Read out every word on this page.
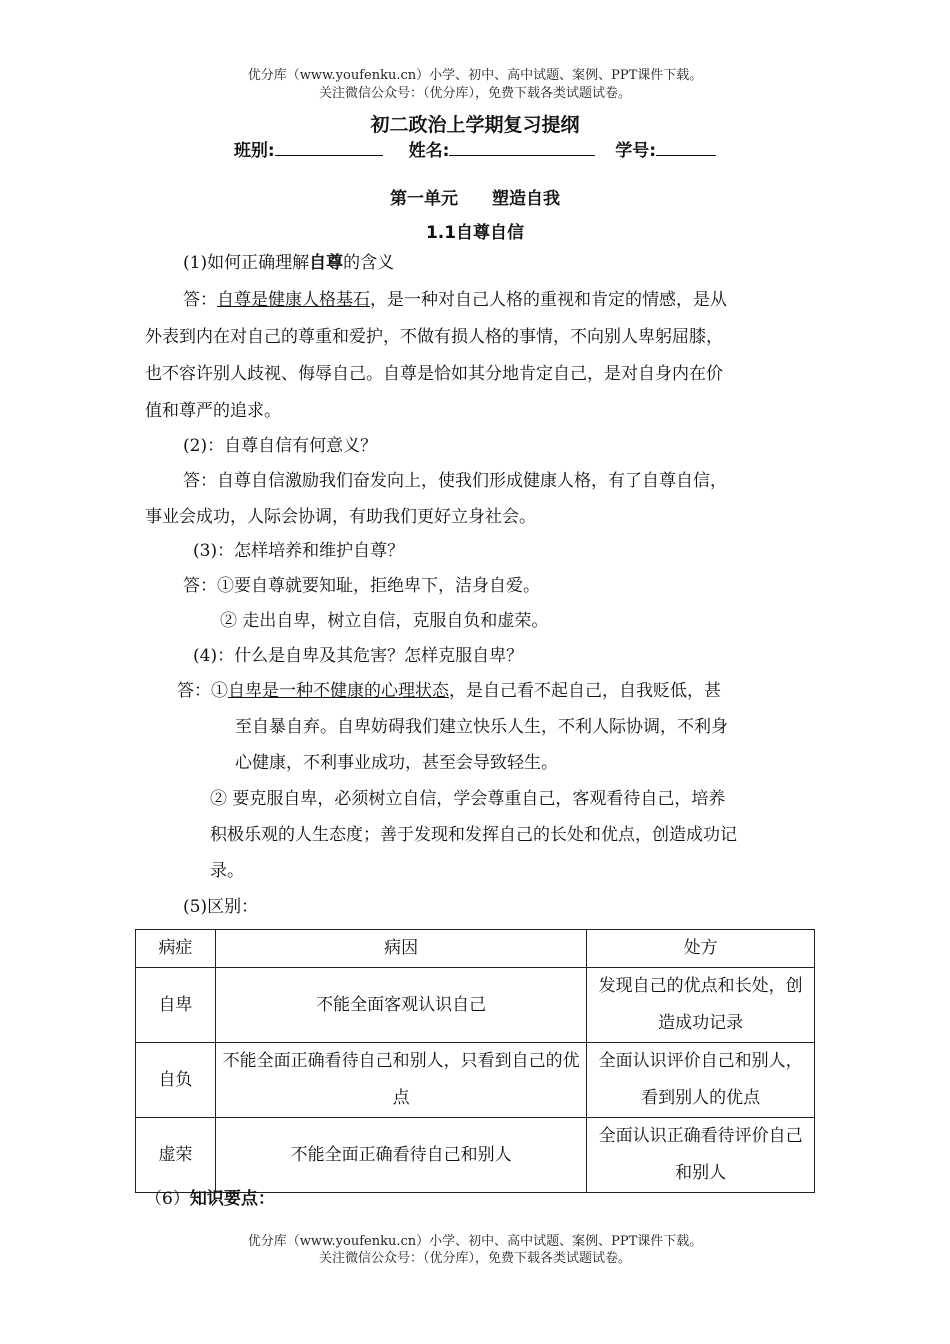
优分库（www.youfenku.cn）小学、初中、高中试题、案例、PPT课件下载。
关注微信公众号：（优分库），免费下载各类试题试卷。
初二政治上学期复习提纲
班别:	姓名:	学号:
第一单元　　塑造自我
1.1自尊自信
(1)如何正确理解自尊的含义
答：自尊是健康人格基石，是一种对自己人格的重视和肯定的情感，是从
外表到内在对自己的尊重和爱护，不做有损人格的事情，不向别人卑躬屈膝，
也不容许别人歧视、侮辱自己。自尊是恰如其分地肯定自己，是对自身内在价
值和尊严的追求。
(2)：自尊自信有何意义？
答：自尊自信激励我们奋发向上，使我们形成健康人格，有了自尊自信，
事业会成功，人际会协调，有助我们更好立身社会。
(3)：怎样培养和维护自尊？
答：①要自尊就要知耻，拒绝卑下，洁身自爱。
② 走出自卑，树立自信，克服自负和虚荣。
(4)：什么是自卑及其危害？怎样克服自卑？
答：①自卑是一种不健康的心理状态，是自己看不起自己，自我贬低，甚
至自暴自弃。自卑妨碍我们建立快乐人生，不利人际协调，不利身
心健康，不利事业成功，甚至会导致轻生。
② 要克服自卑，必须树立自信，学会尊重自己，客观看待自己，培养
积极乐观的人生态度；善于发现和发挥自己的长处和优点，创造成功记
录。
(5)区别：
病症	病因	处方
自卑	不能全面客观认识自己	发现自己的优点和长处，创造成功记录
自负	不能全面正确看待自己和别人，只看到自己的优点	全面认识评价自己和别人，看到别人的优点
虚荣	不能全面正确看待自己和别人	全面认识正确看待评价自己和别人
（6）知识要点：
优分库（www.youfenku.cn）小学、初中、高中试题、案例、PPT课件下载。
关注微信公众号：（优分库），免费下载各类试题试卷。
